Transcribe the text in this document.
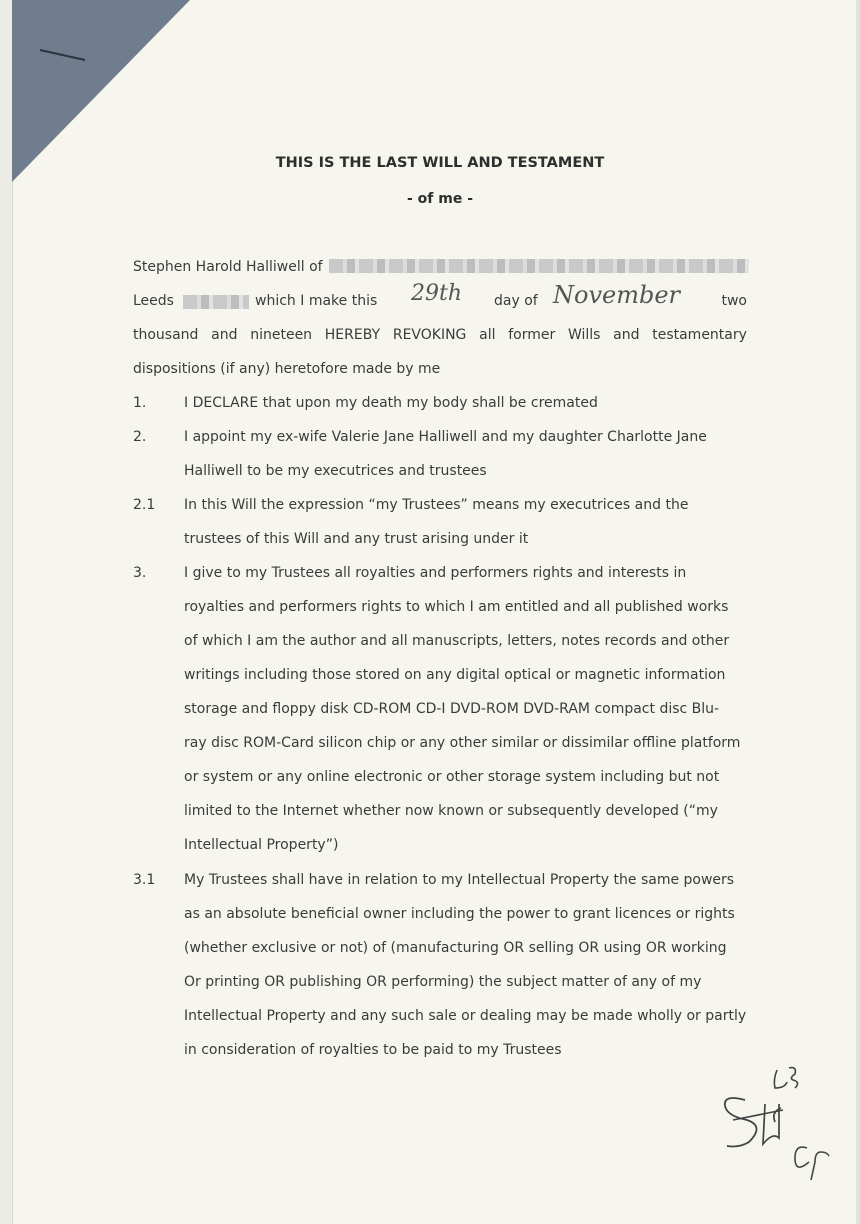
THIS IS THE LAST WILL AND TESTAMENT
- of me -
Stephen Harold Halliwell of
Leeds	which I make this 29th day of November	two
thousand and nineteen HEREBY REVOKING all former Wills and testamentary
dispositions (if any) heretofore made by me
1.	I DECLARE that upon my death my body shall be cremated
2.	I appoint my ex-wife Valerie Jane Halliwell and my daughter Charlotte Jane
Halliwell to be my executrices and trustees
2.1 In this Will the expression “my Trustees” means my executrices and the
trustees of this Will and any trust arising under it
3.	I give to my Trustees all royalties and performers rights and interests in
royalties and performers rights to which I am entitled and all published works
of which I am the author and all manuscripts, letters, notes records and other
writings including those stored on any digital optical or magnetic information
storage and floppy disk CD-ROM CD-I DVD-ROM DVD-RAM compact disc Blu-
ray disc ROM-Card silicon chip or any other similar or dissimilar offline platform
or system or any online electronic or other storage system including but not
limited to the Internet whether now known or subsequently developed (“my
Intellectual Property”)
3.1 My Trustees shall have in relation to my Intellectual Property the same powers
as an absolute beneficial owner including the power to grant licences or rights
(whether exclusive or not) of (manufacturing OR selling OR using OR working
Or printing OR publishing OR performing) the subject matter of any of my
Intellectual Property and any such sale or dealing may be made wholly or partly
in consideration of royalties to be paid to my Trustees
